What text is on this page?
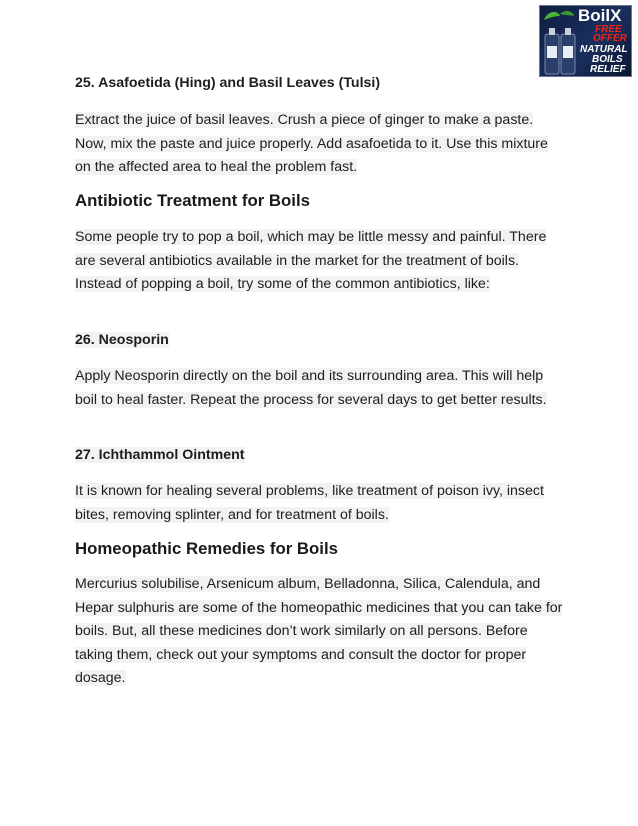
BoilX
FREE
OFFER
NATURAL
BOILS
RELIEF
25. Asafoetida (Hing) and Basil Leaves (Tulsi)
Extract the juice of basil leaves. Crush a piece of ginger to make a paste. Now, mix the paste and juice properly. Add asafoetida to it. Use this mixture on the affected area to heal the problem fast.
Antibiotic Treatment for Boils
Some people try to pop a boil, which may be little messy and painful. There are several antibiotics available in the market for the treatment of boils. Instead of popping a boil, try some of the common antibiotics, like:
26. Neosporin
Apply Neosporin directly on the boil and its surrounding area. This will help boil to heal faster. Repeat the process for several days to get better results.
27. Ichthammol Ointment
It is known for healing several problems, like treatment of poison ivy, insect bites, removing splinter, and for treatment of boils.
Homeopathic Remedies for Boils
Mercurius solubilise, Arsenicum album, Belladonna, Silica, Calendula, and Hepar sulphuris are some of the homeopathic medicines that you can take for boils. But, all these medicines don’t work similarly on all persons. Before taking them, check out your symptoms and consult the doctor for proper dosage.
